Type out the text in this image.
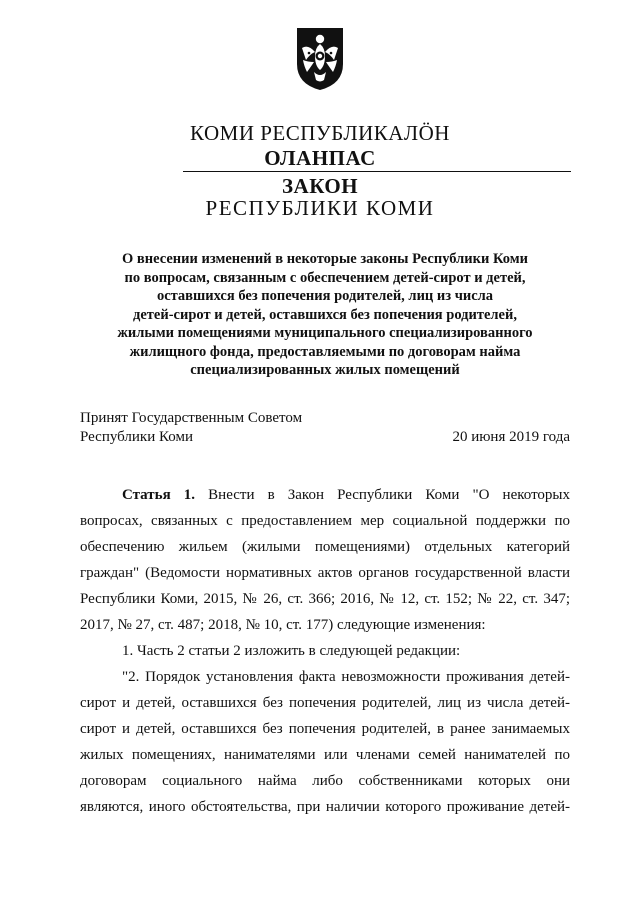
КОМИ РЕСПУБЛИКАЛӦН
ОЛАНПАС
ЗАКОН
РЕСПУБЛИКИ КОМИ
О внесении изменений в некоторые законы Республики Коми
по вопросам, связанным с обеспечением детей-сирот и детей,
оставшихся без попечения родителей, лиц из числа
детей-сирот и детей, оставшихся без попечения родителей,
жилыми помещениями муниципального специализированного
жилищного фонда, предоставляемыми по договорам найма
специализированных жилых помещений
Принят Государственным Советом
Республики Коми	20 июня 2019 года
Статья 1. Внести в Закон Республики Коми "О некоторых
вопросах, связанных с предоставлением мер социальной поддержки по
обеспечению жильем (жилыми помещениями) отдельных категорий
граждан" (Ведомости нормативных актов органов государственной власти
Республики Коми, 2015, № 26, ст. 366; 2016, № 12, ст. 152; № 22, ст. 347;
2017, № 27, ст. 487; 2018, № 10, ст. 177) следующие изменения:
1. Часть 2 статьи 2 изложить в следующей редакции:
"2. Порядок установления факта невозможности проживания детей-
сирот и детей, оставшихся без попечения родителей, лиц из числа детей-
сирот и детей, оставшихся без попечения родителей, в ранее занимаемых
жилых помещениях, нанимателями или членами семей нанимателей по
договорам социального найма либо собственниками которых они
являются, иного обстоятельства, при наличии которого проживание детей-
